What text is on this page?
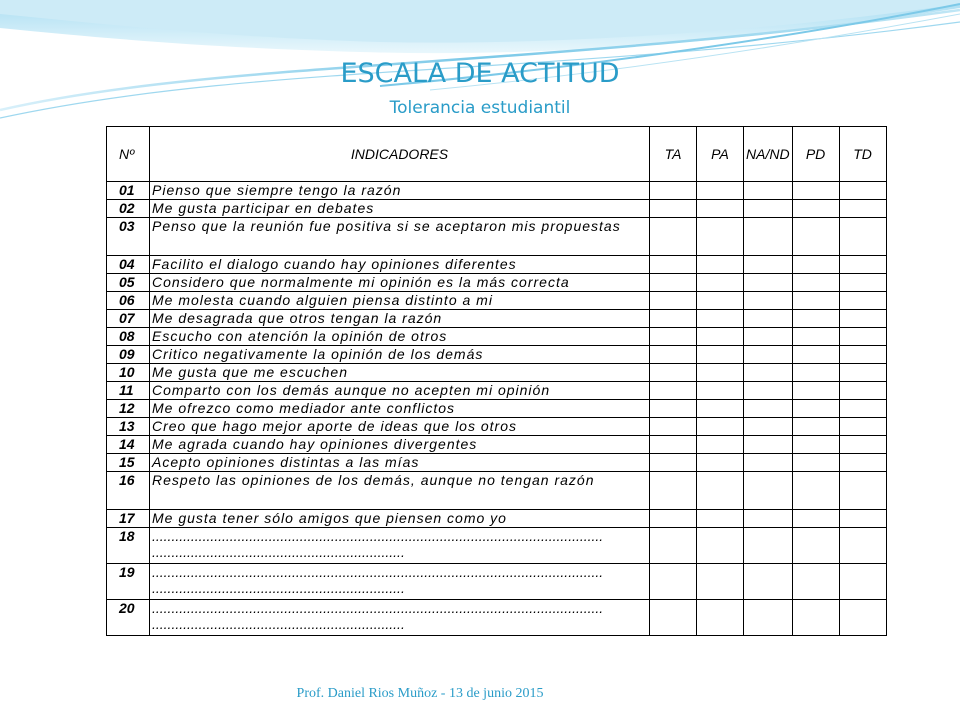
ESCALA DE ACTITUD
Tolerancia estudiantil
Nº	INDICADORES	TA	PA	NA/ND	PD	TD
01	Pienso que siempre tengo la razón					
02	Me gusta participar en debates					
03	Penso que la reunión fue positiva si se aceptaron mis propuestas					
04	Facilito el dialogo cuando hay opiniones diferentes					
05	Considero que normalmente mi opinión es la más correcta					
06	Me molesta cuando alguien piensa distinto a mi					
07	Me desagrada que otros tengan la razón					
08	Escucho con atención la opinión de otros					
09	Critico negativamente la opinión de los demás					
10	Me gusta que me escuchen					
11	Comparto con los demás aunque no acepten mi opinión					
12	Me ofrezco como mediador ante conflictos					
13	Creo que hago mejor aporte de ideas que los otros					
14	Me agrada cuando hay opiniones divergentes					
15	Acepto opiniones distintas a las mías					
16	Respeto las opiniones de los demás, aunque no tengan razón					
17	Me gusta tener sólo amigos que piensen como yo					
18	....................................................................................................................
.................................................................					

19	....................................................................................................................
.................................................................					

20	....................................................................................................................
.................................................................					

Prof. Daniel Rios Muñoz - 13 de junio 2015
